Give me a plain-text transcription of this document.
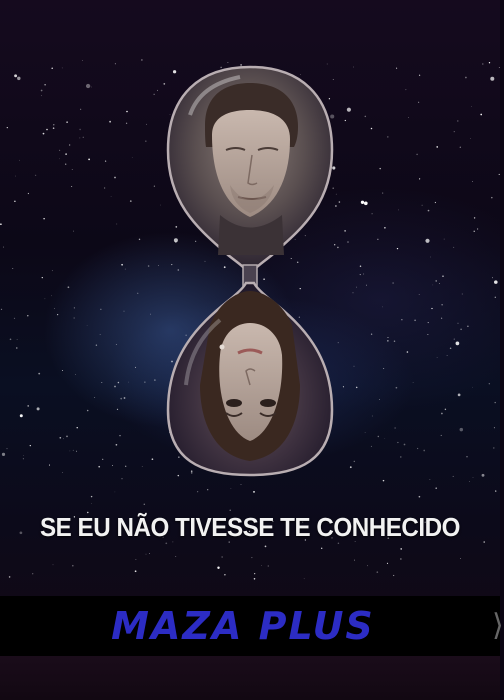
SE EU NÃO TIVESSE TE CONHECIDO
MAZA PLUS	⟩
